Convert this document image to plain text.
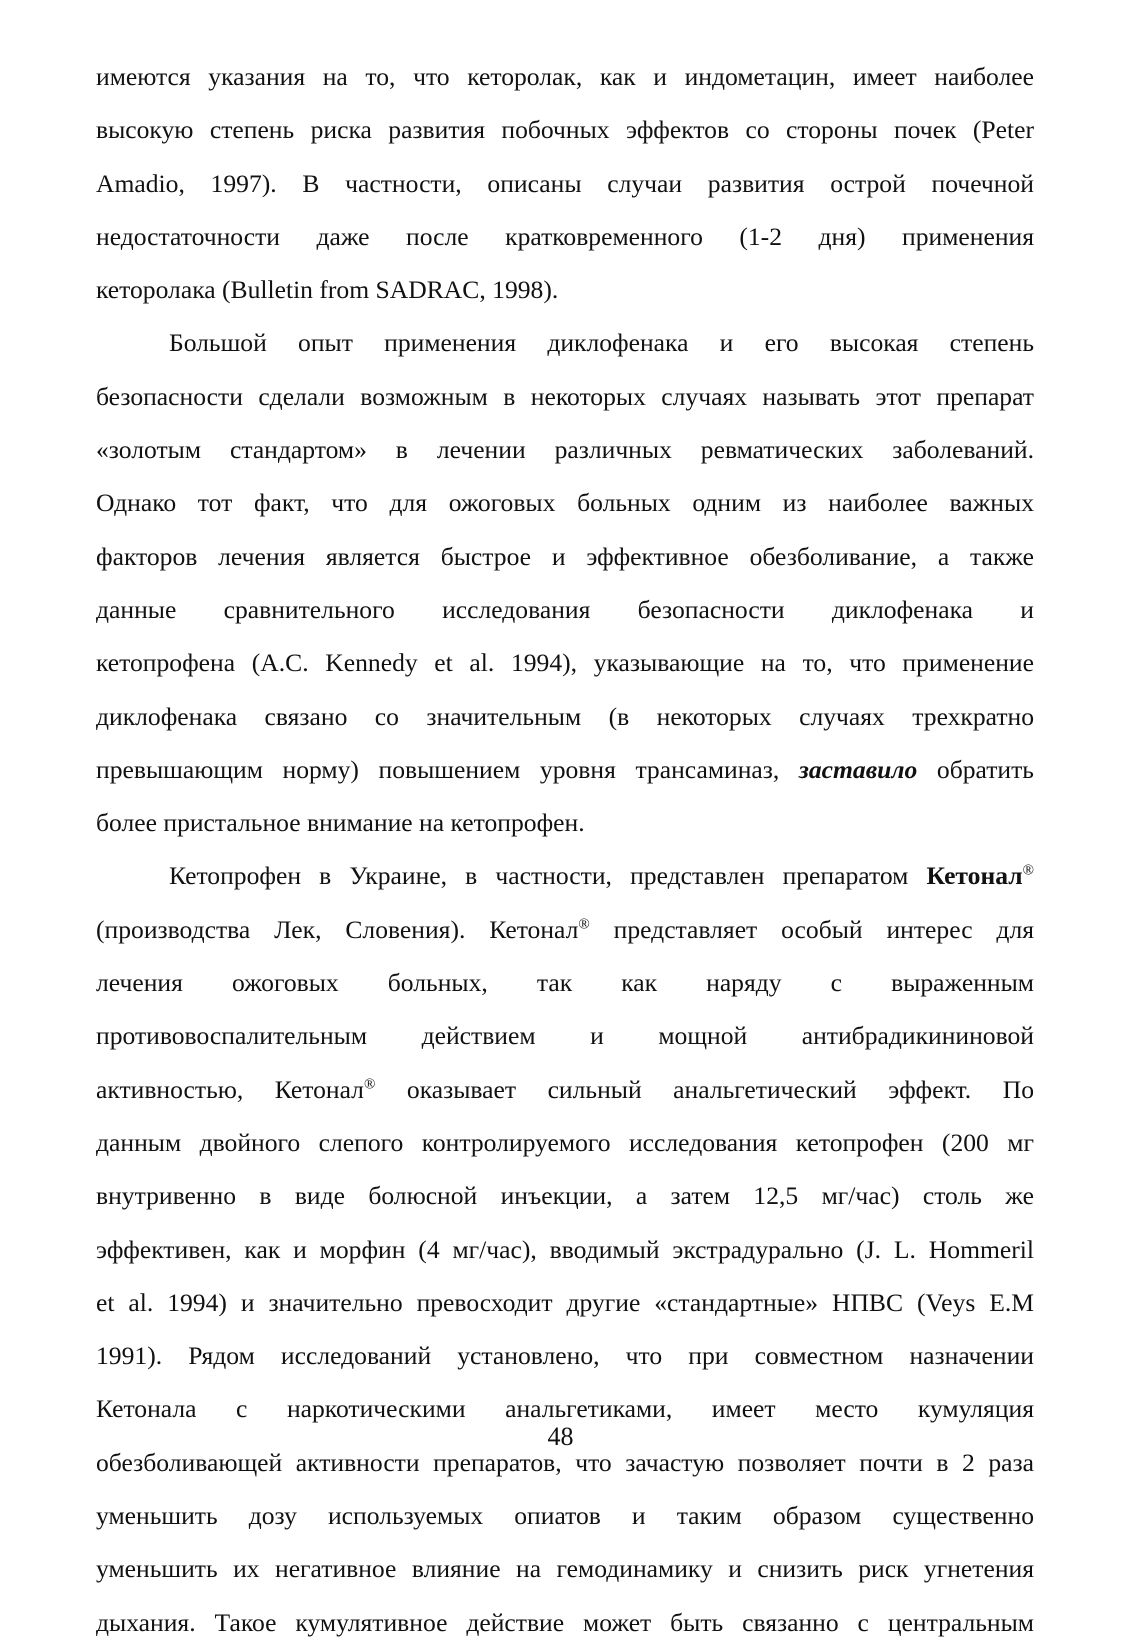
имеются указания на то, что кеторолак, как и индометацин, имеет наиболее
высокую степень риска развития побочных эффектов со стороны почек (Peter
Amadio, 1997). В частности, описаны случаи развития острой почечной
недостаточности даже после кратковременного (1-2 дня) применения
кеторолака (Bulletin from SADRAC, 1998).
Большой опыт применения диклофенака и его высокая степень
безопасности сделали возможным в некоторых случаях называть этот препарат
«золотым стандартом» в лечении различных ревматических заболеваний.
Однако тот факт, что для ожоговых больных одним из наиболее важных
факторов лечения является быстрое и эффективное обезболивание, а также
данные сравнительного исследования безопасности диклофенака и
кетопрофена (A.C. Kennedy et al. 1994), указывающие на то, что применение
диклофенака связано со значительным (в некоторых случаях трехкратно
превышающим норму) повышением уровня трансаминаз, заставило обратить
более пристальное внимание на кетопрофен.
Кетопрофен в Украине, в частности, представлен препаратом Кетонал®
(производства Лек, Словения). Кетонал® представляет особый интерес для
лечения ожоговых больных, так как наряду с выраженным
противовоспалительным действием и мощной антибрадикининовой
активностью, Кетонал® оказывает сильный анальгетический эффект. По
данным двойного слепого контролируемого исследования кетопрофен (200 мг
внутривенно в виде болюсной инъекции, а затем 12,5 мг/час) столь же
эффективен, как и морфин (4 мг/час), вводимый экстрадурально (J. L. Hommeril
et al. 1994) и значительно превосходит другие «стандартные» НПВС (Veys E.M
1991). Рядом исследований установлено, что при совместном назначении
Кетонала с наркотическими анальгетиками, имеет место кумуляция
обезболивающей активности препаратов, что зачастую позволяет почти в 2 раза
уменьшить дозу используемых опиатов и таким образом существенно
уменьшить их негативное влияние на гемодинамику и снизить риск угнетения
дыхания. Такое кумулятивное действие может быть связанно с центральным
48
